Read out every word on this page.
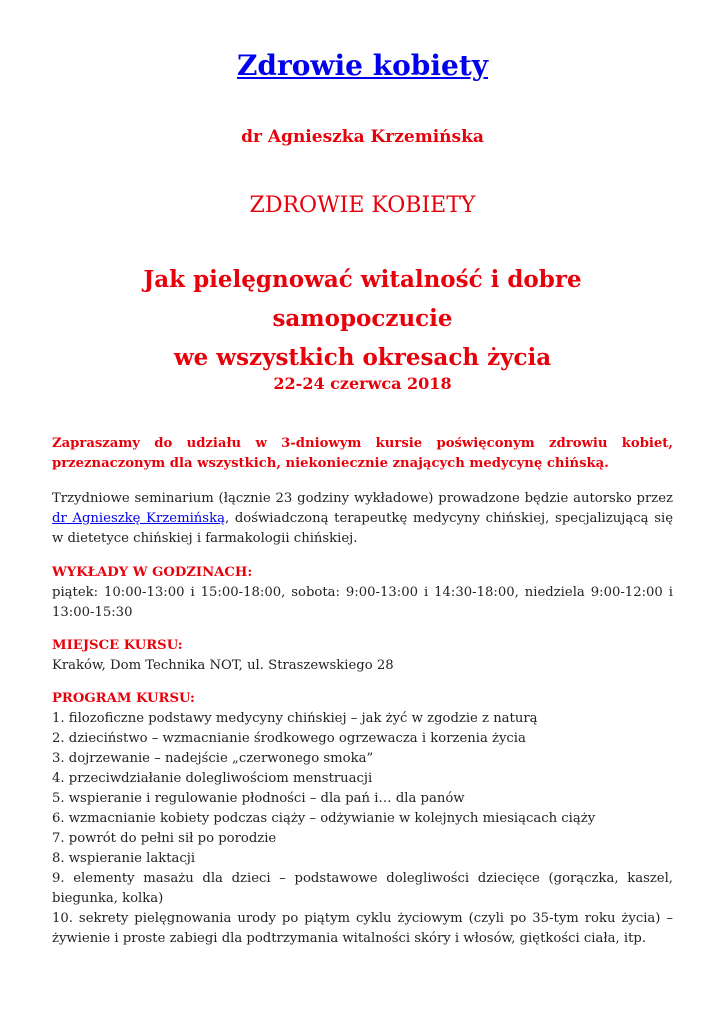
Zdrowie kobiety
dr Agnieszka Krzemińska
ZDROWIE KOBIETY
Jak pielęgnować witalność i dobre samopoczucie
we wszystkich okresach życia
22-24 czerwca 2018
Zapraszamy do udziału w 3-dniowym kursie poświęconym zdrowiu kobiet, przeznaczonym dla wszystkich, niekoniecznie znających medycynę chińską.
Trzydniowe seminarium (łącznie 23 godziny wykładowe) prowadzone będzie autorsko przez dr Agnieszkę Krzemińską, doświadczoną terapeutkę medycyny chińskiej, specjalizującą się w dietetyce chińskiej i farmakologii chińskiej.
WYKŁADY W GODZINACH:
piątek: 10:00-13:00 i 15:00-18:00, sobota: 9:00-13:00 i 14:30-18:00, niedziela 9:00-12:00 i 13:00-15:30
MIEJSCE KURSU:
Kraków, Dom Technika NOT, ul. Straszewskiego 28
PROGRAM KURSU:
1. filozoficzne podstawy medycyny chińskiej – jak żyć w zgodzie z naturą
2. dzieciństwo – wzmacnianie środkowego ogrzewacza i korzenia życia
3. dojrzewanie – nadejście „czerwonego smoka”
4. przeciwdziałanie dolegliwościom menstruacji
5. wspieranie i regulowanie płodności – dla pań i… dla panów
6. wzmacnianie kobiety podczas ciąży – odżywianie w kolejnych miesiącach ciąży
7. powrót do pełni sił po porodzie
8. wspieranie laktacji
9. elementy masażu dla dzieci – podstawowe dolegliwości dziecięce (gorączka, kaszel, biegunka, kolka)
10. sekrety pielęgnowania urody po piątym cyklu życiowym (czyli po 35-tym roku życia) – żywienie i proste zabiegi dla podtrzymania witalności skóry i włosów, giętkości ciała, itp.
